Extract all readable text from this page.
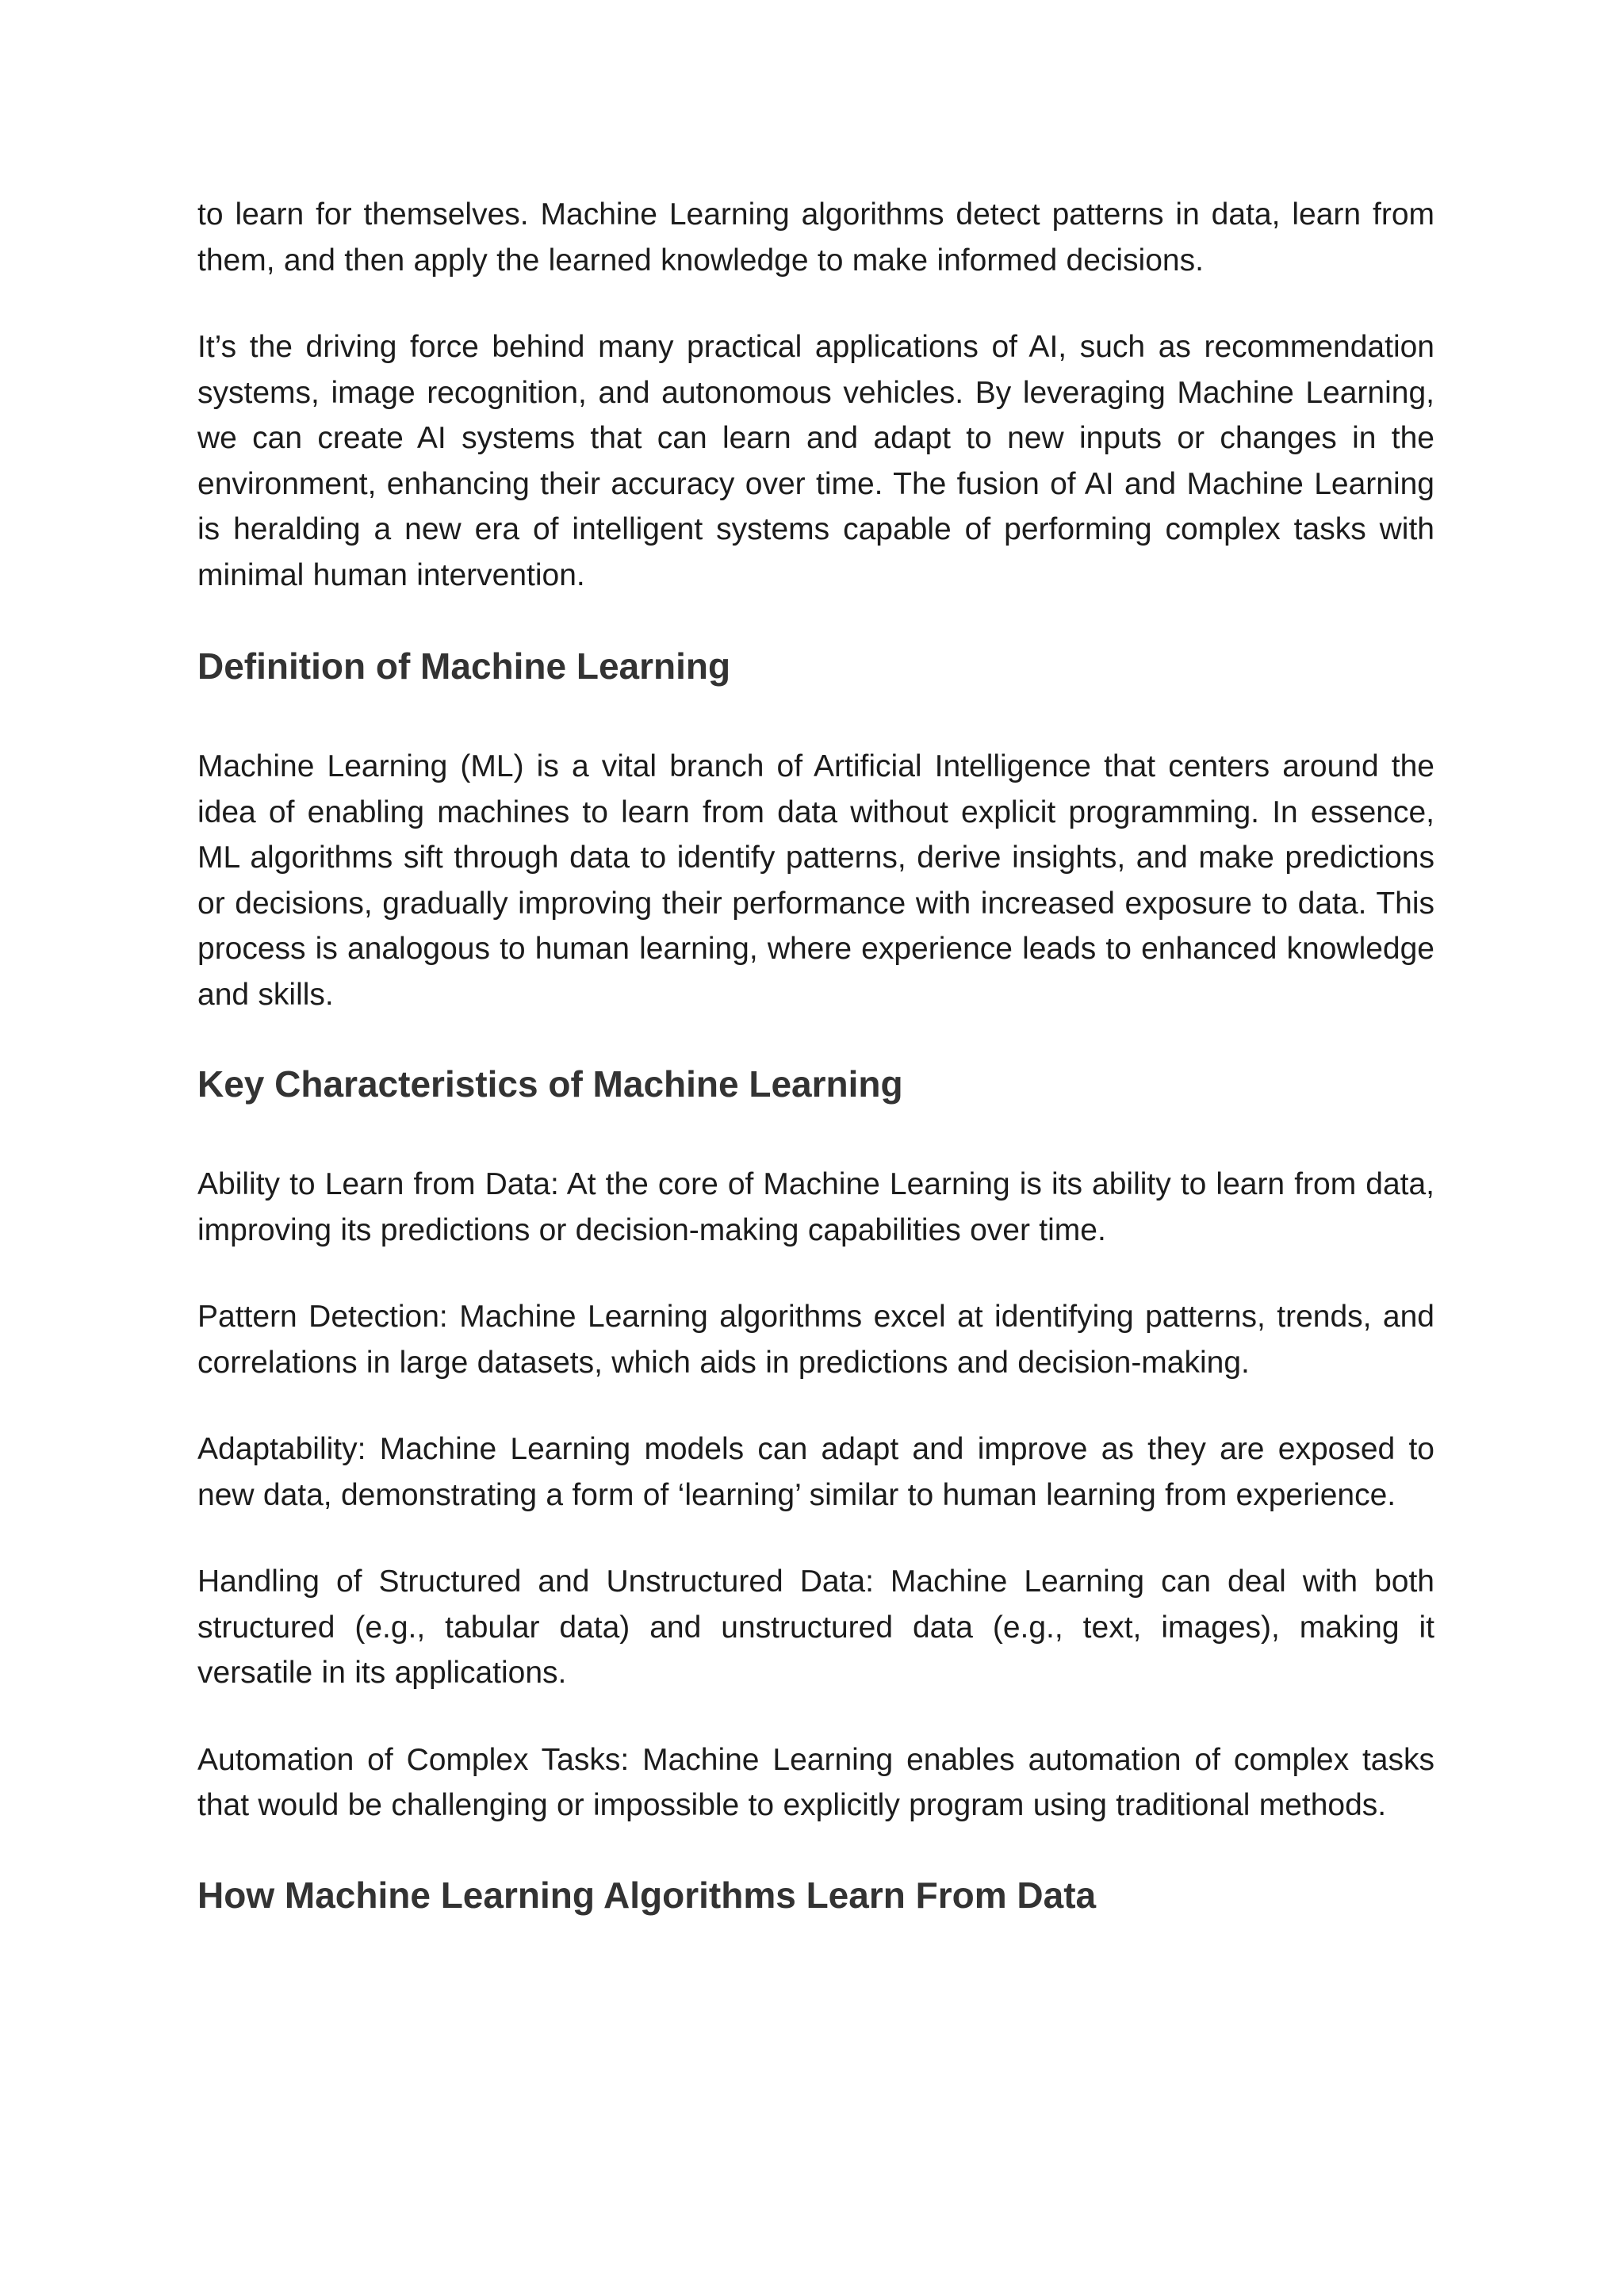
to learn for themselves. Machine Learning algorithms detect patterns in data, learn from them, and then apply the learned knowledge to make informed decisions.

It’s the driving force behind many practical applications of AI, such as recommendation systems, image recognition, and autonomous vehicles. By leveraging Machine Learning, we can create AI systems that can learn and adapt to new inputs or changes in the environment, enhancing their accuracy over time. The fusion of AI and Machine Learning is heralding a new era of intelligent systems capable of performing complex tasks with minimal human intervention.

Definition of Machine Learning

Machine Learning (ML) is a vital branch of Artificial Intelligence that centers around the idea of enabling machines to learn from data without explicit programming. In essence, ML algorithms sift through data to identify patterns, derive insights, and make predictions or decisions, gradually improving their performance with increased exposure to data. This process is analogous to human learning, where experience leads to enhanced knowledge and skills.

Key Characteristics of Machine Learning

Ability to Learn from Data: At the core of Machine Learning is its ability to learn from data, improving its predictions or decision-making capabilities over time.

Pattern Detection: Machine Learning algorithms excel at identifying patterns, trends, and correlations in large datasets, which aids in predictions and decision-making.

Adaptability: Machine Learning models can adapt and improve as they are exposed to new data, demonstrating a form of ‘learning’ similar to human learning from experience.

Handling of Structured and Unstructured Data: Machine Learning can deal with both structured (e.g., tabular data) and unstructured data (e.g., text, images), making it versatile in its applications.

Automation of Complex Tasks: Machine Learning enables automation of complex tasks that would be challenging or impossible to explicitly program using traditional methods.

How Machine Learning Algorithms Learn From Data
